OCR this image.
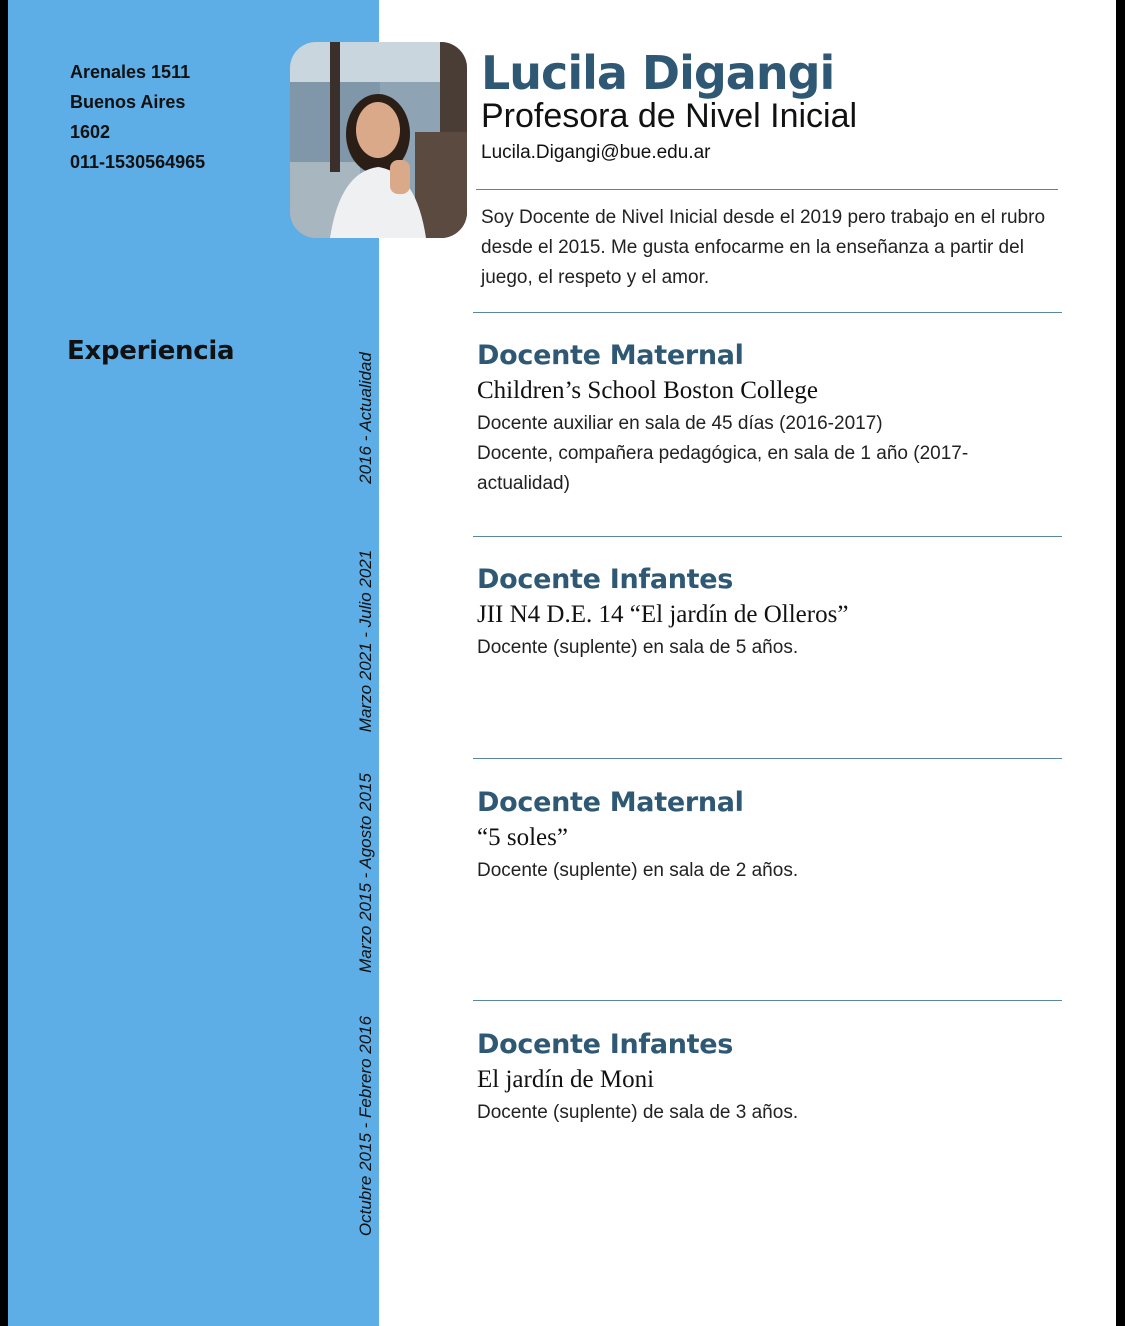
Arenales 1511
Buenos Aires
1602
011-1530564965
Experiencia
2016 - Actualidad
Marzo 2021 - Julio 2021
Marzo 2015 - Agosto 2015
Octubre 2015 - Febrero 2016
Lucila Digangi
Profesora de Nivel Inicial
Lucila.Digangi@bue.edu.ar
Soy Docente de Nivel Inicial desde el 2019 pero trabajo en el rubro desde el 2015. Me gusta enfocarme en la enseñanza a partir del juego, el respeto y el amor.
Docente Maternal
Children’s School Boston College
Docente auxiliar en sala de 45 días (2016-2017)
Docente, compañera pedagógica, en sala de 1 año (2017-actualidad)
Docente Infantes
JII N4 D.E. 14 “El jardín de Olleros”
Docente (suplente) en sala de 5 años.
Docente Maternal
“5 soles”
Docente (suplente) en sala de 2 años.
Docente Infantes
El jardín de Moni
Docente (suplente) de sala de 3 años.
